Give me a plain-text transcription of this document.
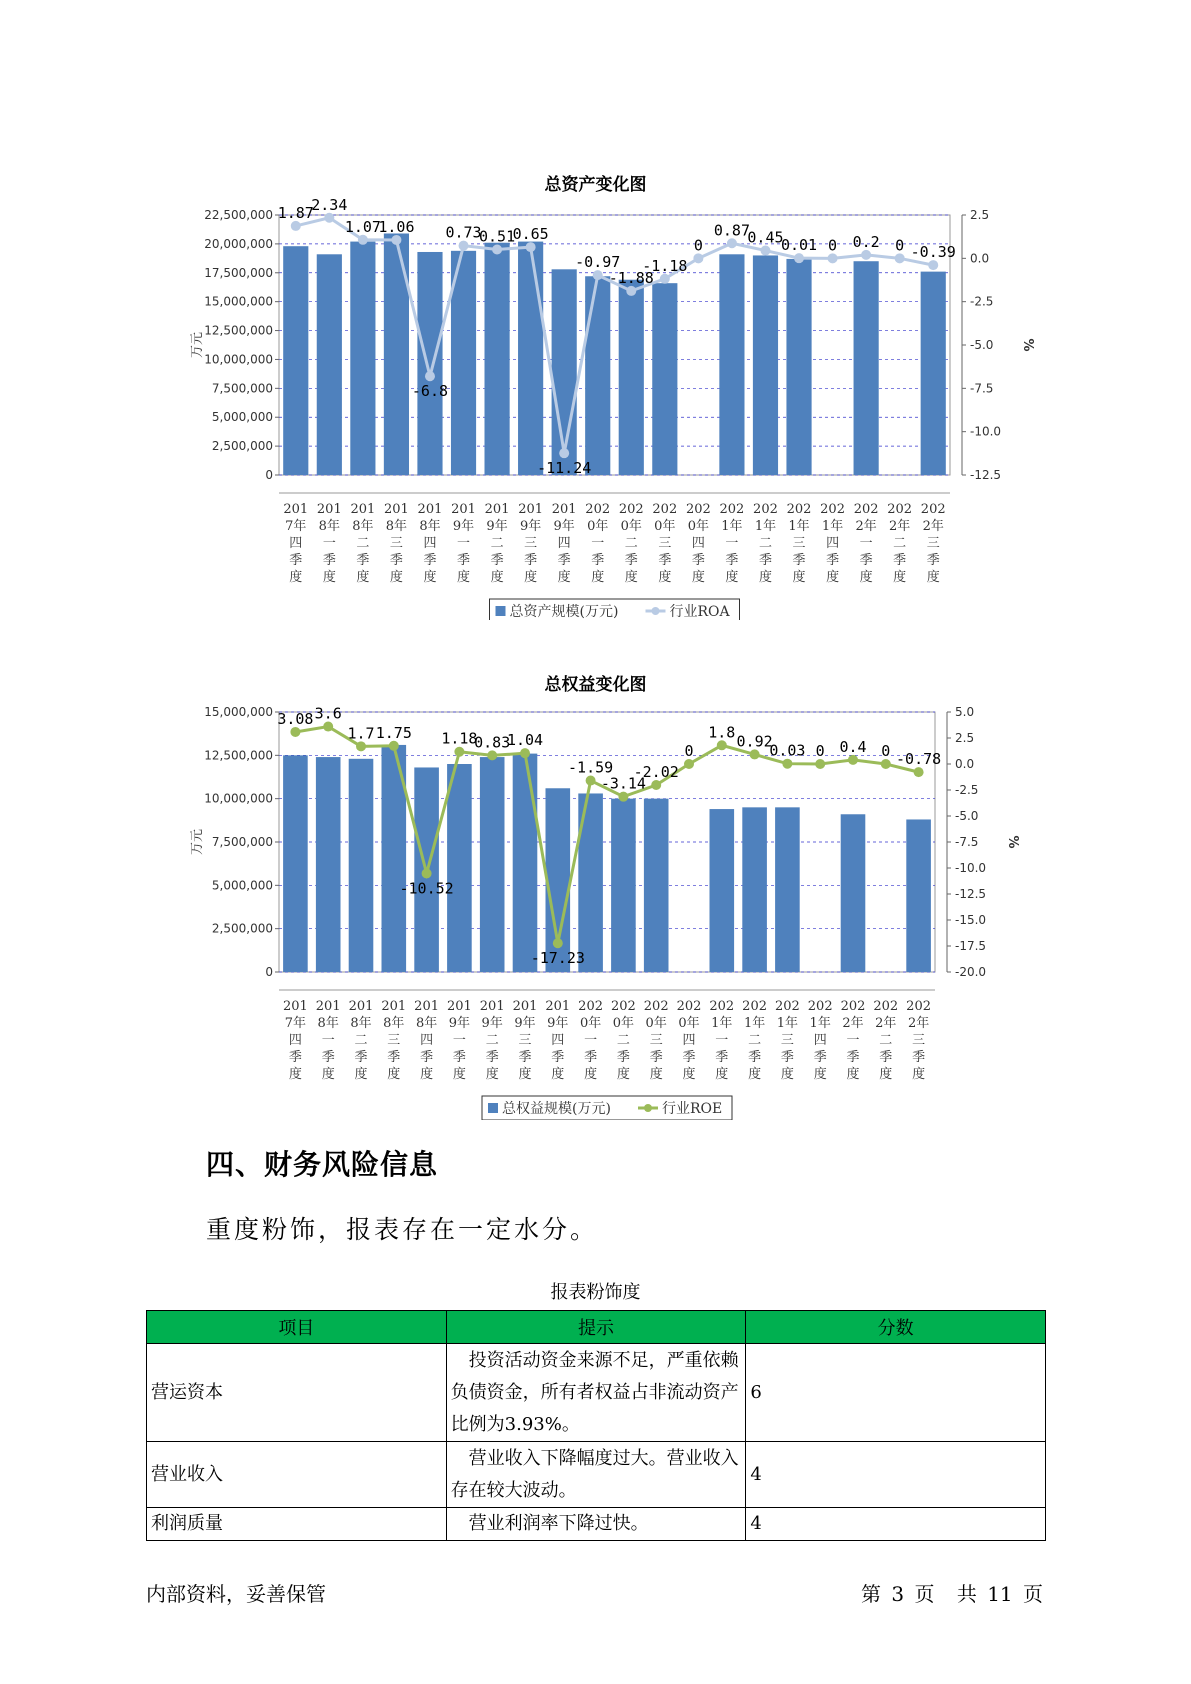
总资产变化图
0
2,500,000
5,000,000
7,500,000
10,000,000
12,500,000
15,000,000
17,500,000
20,000,000
22,500,000
万元
2.5
0.0
-2.5
-5.0
-7.5
-10.0
-12.5
%
1.87
2.34
1.07
1.06
-6.8
0.73
0.51
0.65
-11.24
-0.97
-1.88
-1.18
0
0.87
0.45
0.01 0 0.2 0 -0.39
201 7年四季度
201 8年一季度
201 8年二季度
201 8年三季度
201 8年四季度
201 9年一季度
201 9年二季度
201 9年三季度
201 9年四季度
202 0年一季度
202 0年二季度
202 0年三季度
202 0年四季度
202 1年一季度
202 1年二季度
202 1年三季度
202 1年四季度
202 2年一季度
202 2年二季度
202 2年三季度
总资产规模(万元)	行业ROA
总权益变化图
0
2,500,000
5,000,000
7,500,000
10,000,000
12,500,000
15,000,000
万元
5.0
2.5
0.0
-2.5
-5.0
-7.5
-10.0
-12.5
-15.0
-17.5
-20.0
%
3.08 3.6
1.7 1.75
-10.52
1.18
0.83
1.04
-17.23
-1.59
-3.14
-2.02
0
1.8
0.92
0.03 0 0.4 0 -0.78
201 7年四季度
201 8年一季度
201 8年二季度
201 8年三季度
201 8年四季度
201 9年一季度
201 9年二季度
201 9年三季度
201 9年四季度
202 0年一季度
202 0年二季度
202 0年三季度
202 0年四季度
202 1年一季度
202 1年二季度
202 1年三季度
202 1年四季度
202 2年一季度
202 2年二季度
202 2年三季度
总权益规模(万元)	行业ROE
四、财务风险信息
重度粉饰，报表存在一定水分。
报表粉饰度
项目	提示	分数
营运资本	投资活动资金来源不足，严重依赖负债资金，所有者权益占非流动资产比例为3.93%。	6
营业收入	营业收入下降幅度过大。营业收入存在较大波动。	4
利润质量	营业利润率下降过快。	4
内部资料，妥善保管	第 3 页 共 11 页
